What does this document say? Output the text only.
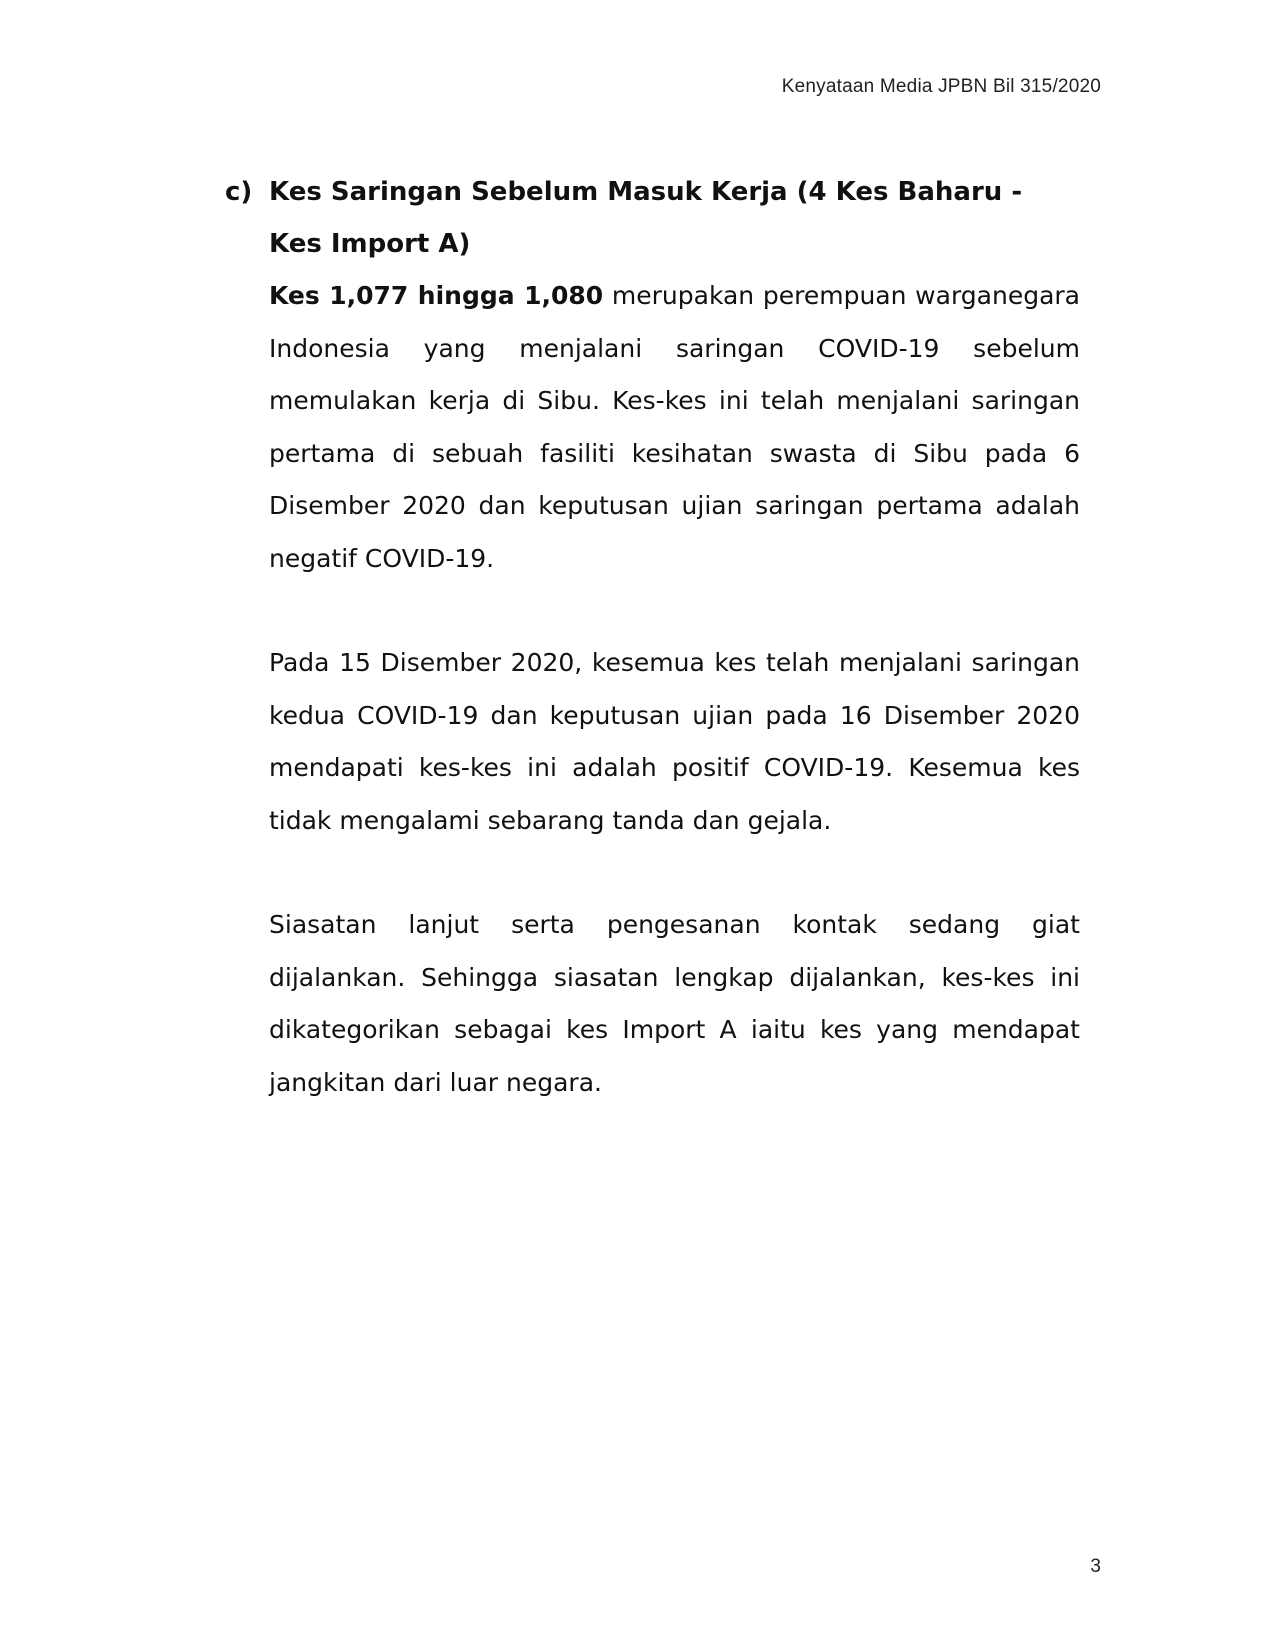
Kenyataan Media JPBN Bil 315/2020
c) Kes Saringan Sebelum Masuk Kerja (4 Kes Baharu - Kes Import A)

Kes 1,077 hingga 1,080 merupakan perempuan warganegara Indonesia yang menjalani saringan COVID-19 sebelum memulakan kerja di Sibu. Kes-kes ini telah menjalani saringan pertama di sebuah fasiliti kesihatan swasta di Sibu pada 6 Disember 2020 dan keputusan ujian saringan pertama adalah negatif COVID-19.

Pada 15 Disember 2020, kesemua kes telah menjalani saringan kedua COVID-19 dan keputusan ujian pada 16 Disember 2020 mendapati kes-kes ini adalah positif COVID-19. Kesemua kes tidak mengalami sebarang tanda dan gejala.

Siasatan lanjut serta pengesanan kontak sedang giat dijalankan. Sehingga siasatan lengkap dijalankan, kes-kes ini dikategorikan sebagai kes Import A iaitu kes yang mendapat jangkitan dari luar negara.

3
